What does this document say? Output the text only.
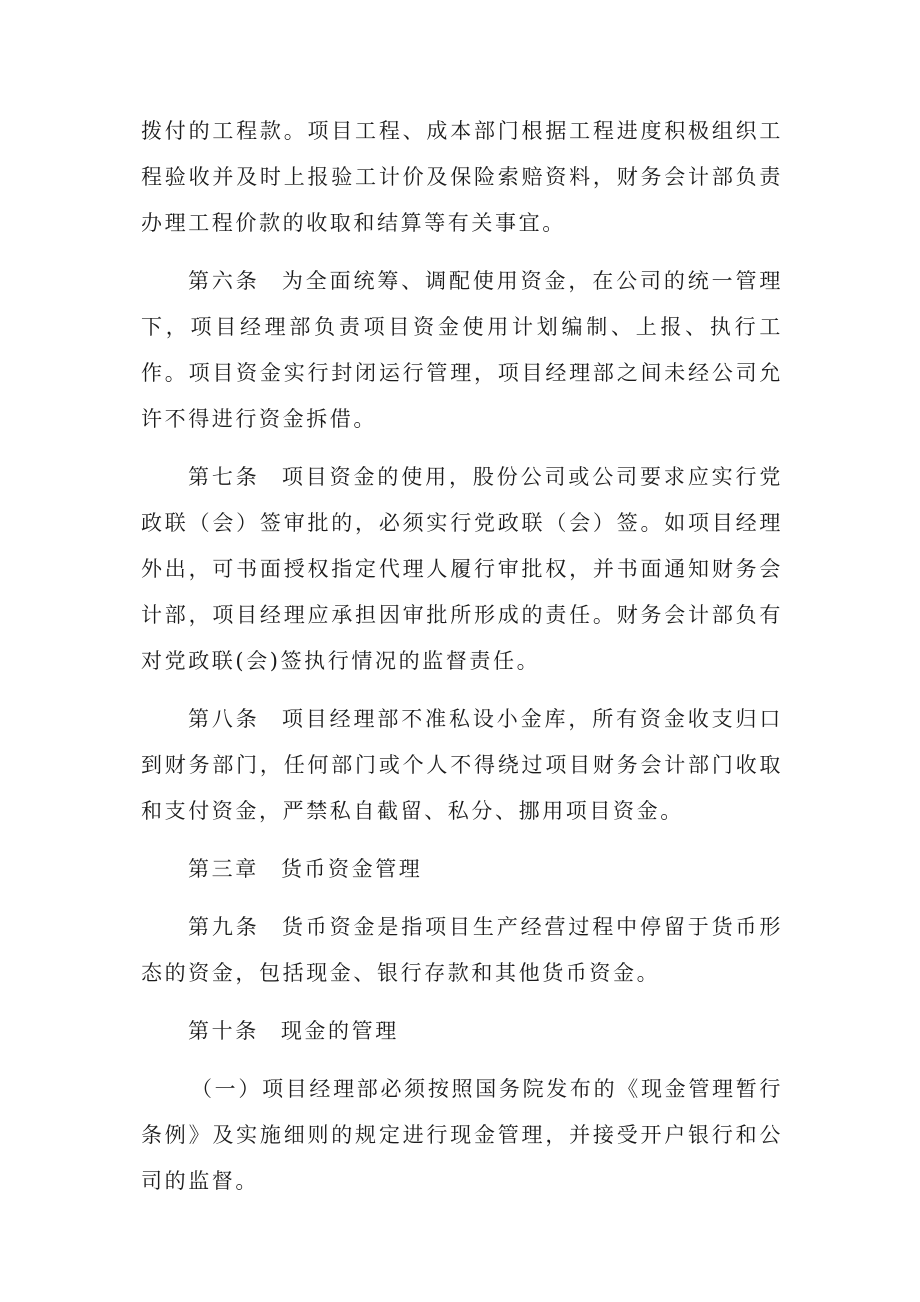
拨付的工程款。项目工程、成本部门根据工程进度积极组织工程验收并及时上报验工计价及保险索赔资料，财务会计部负责办理工程价款的收取和结算等有关事宜。

第六条 为全面统筹、调配使用资金，在公司的统一管理下，项目经理部负责项目资金使用计划编制、上报、执行工作。项目资金实行封闭运行管理，项目经理部之间未经公司允许不得进行资金拆借。

第七条 项目资金的使用，股份公司或公司要求应实行党政联（会）签审批的，必须实行党政联（会）签。如项目经理外出，可书面授权指定代理人履行审批权，并书面通知财务会计部，项目经理应承担因审批所形成的责任。财务会计部负有对党政联(会)签执行情况的监督责任。

第八条 项目经理部不准私设小金库，所有资金收支归口到财务部门，任何部门或个人不得绕过项目财务会计部门收取和支付资金，严禁私自截留、私分、挪用项目资金。

第三章 货币资金管理

第九条 货币资金是指项目生产经营过程中停留于货币形态的资金，包括现金、银行存款和其他货币资金。

第十条 现金的管理

（一）项目经理部必须按照国务院发布的《现金管理暂行条例》及实施细则的规定进行现金管理，并接受开户银行和公司的监督。
